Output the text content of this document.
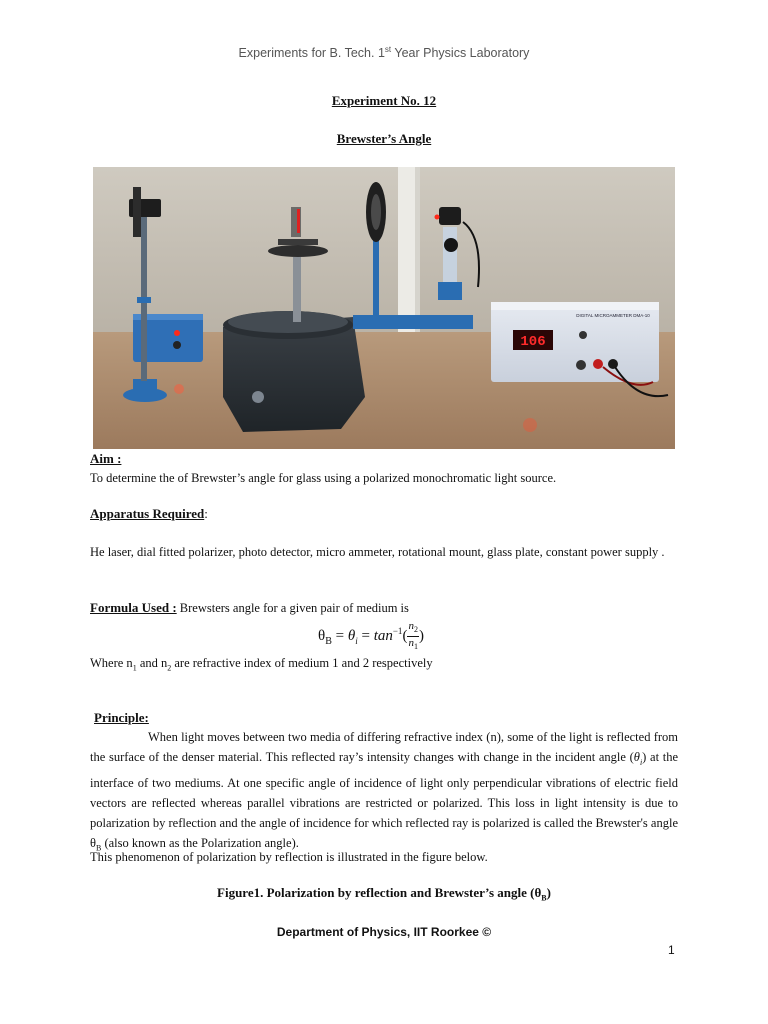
Experiments for B. Tech. 1st Year Physics Laboratory
Experiment No. 12
Brewster’s Angle
106
DIGITAL MICROAMMETER DMA-10
Aim :
To determine the of Brewster’s angle for glass using a polarized monochromatic light source.
Apparatus Required:
He laser, dial fitted polarizer, photo detector, micro ammeter, rotational mount, glass plate, constant power supply .
Formula Used : Brewsters angle for a given pair of medium is
$\theta_B = \theta_i = \tan^{-1}( \frac{n_2}{n_1}$ )
Where $n_1$ and $n_2$ are refractive index of medium 1 and 2 respectively
Principle:
When light moves between two media of differing refractive index (n), some of the light is reflected from the surface of the denser material. This reflected ray’s intensity changes with change in the incident angle $(\theta_i)$ at the interface of two mediums. At one specific angle of incidence of light only perpendicular vibrations of electric field vectors are reflected whereas parallel vibrations are restricted or polarized. This loss in light intensity is due to polarization by reflection and the angle of incidence for which reflected ray is polarized is called the Brewster's angle $\theta_B$ (also known as the Polarization angle).
This phenomenon of polarization by reflection is illustrated in the figure below.
Figure1. Polarization by reflection and Brewster’s angle $(\theta_B)$
Department of Physics, IIT Roorkee ©
1
